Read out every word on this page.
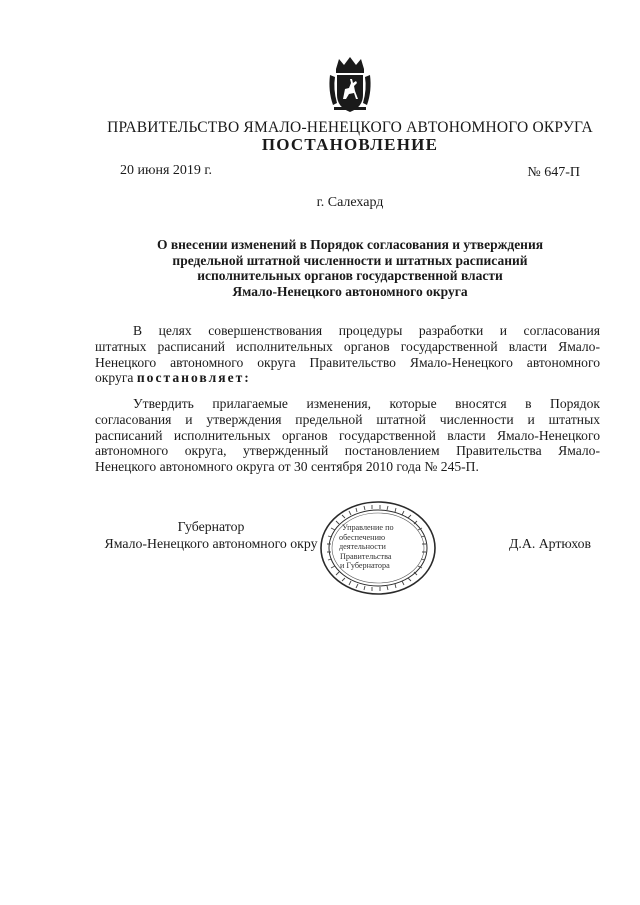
ПРАВИТЕЛЬСТВО ЯМАЛО-НЕНЕЦКОГО АВТОНОМНОГО ОКРУГА
ПОСТАНОВЛЕНИЕ
20 июня 2019 г.	№ 647-П
г. Салехард
О внесении изменений в Порядок согласования и утверждения
предельной штатной численности и штатных расписаний
исполнительных органов государственной власти
Ямало-Ненецкого автономного округа
В целях совершенствования процедуры разработки и согласования
штатных расписаний исполнительных органов государственной власти Ямало-
Ненецкого автономного округа Правительство Ямало-Ненецкого автономного
округа постановляет:
Утвердить прилагаемые изменения, которые вносятся в Порядок
согласования и утверждения предельной штатной численности и штатных
расписаний исполнительных органов государственной власти Ямало-Ненецкого
автономного округа, утвержденный постановлением Правительства Ямало-
Ненецкого автономного округа от 30 сентября 2010 года № 245-П.
Губернатор
Ямало-Ненецкого автономного окру
Управление по
обеспечению
деятельности
Правительства
и Губернатора
Д.А. Артюхов
